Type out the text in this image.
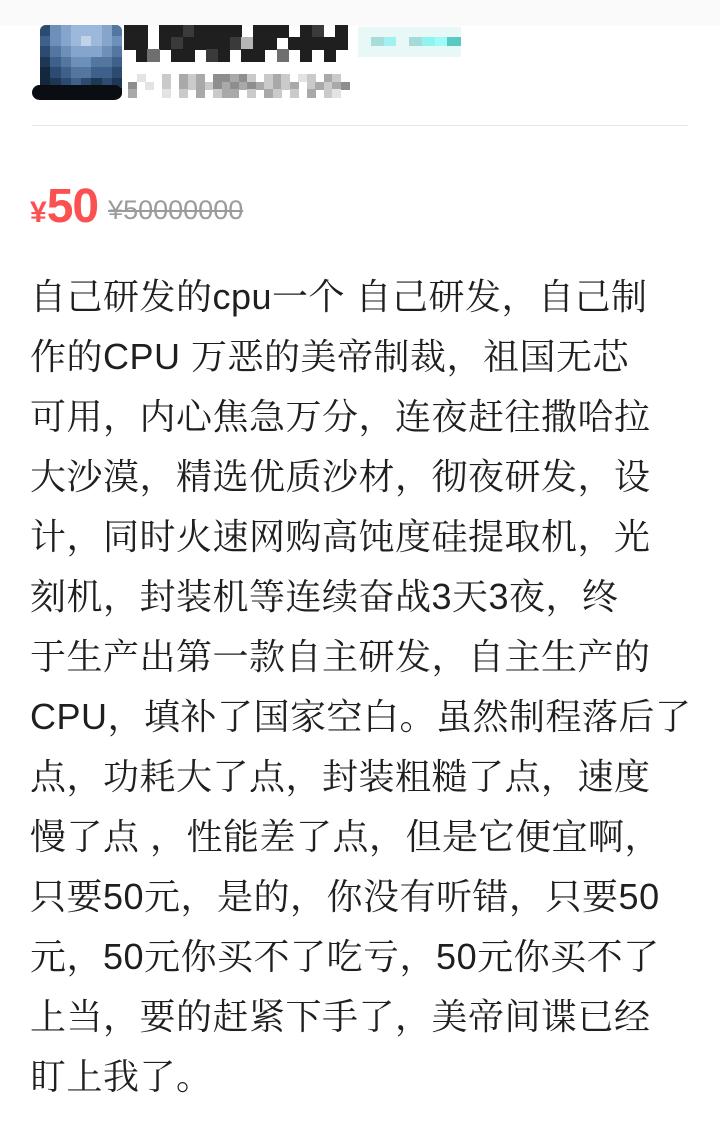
¥ 50 ¥50000000
自己研发的cpu一个 自己研发，自己制
作的CPU 万恶的美帝制裁，祖国无芯
可用，内心焦急万分，连夜赶往撒哈拉
大沙漠，精选优质沙材，彻夜研发，设
计，同时火速网购高饨度硅提取机，光
刻机，封装机等连续奋战3天3夜，终
于生产出第一款自主研发，自主生产的
CPU，填补了国家空白。虽然制程落后了
点，功耗大了点，封装粗糙了点，速度
慢了点 ，性能差了点，但是它便宜啊，
只要50元，是的，你没有听错，只要50
元，50元你买不了吃亏，50元你买不了
上当，要的赶紧下手了，美帝间谍已经
盯上我了。
